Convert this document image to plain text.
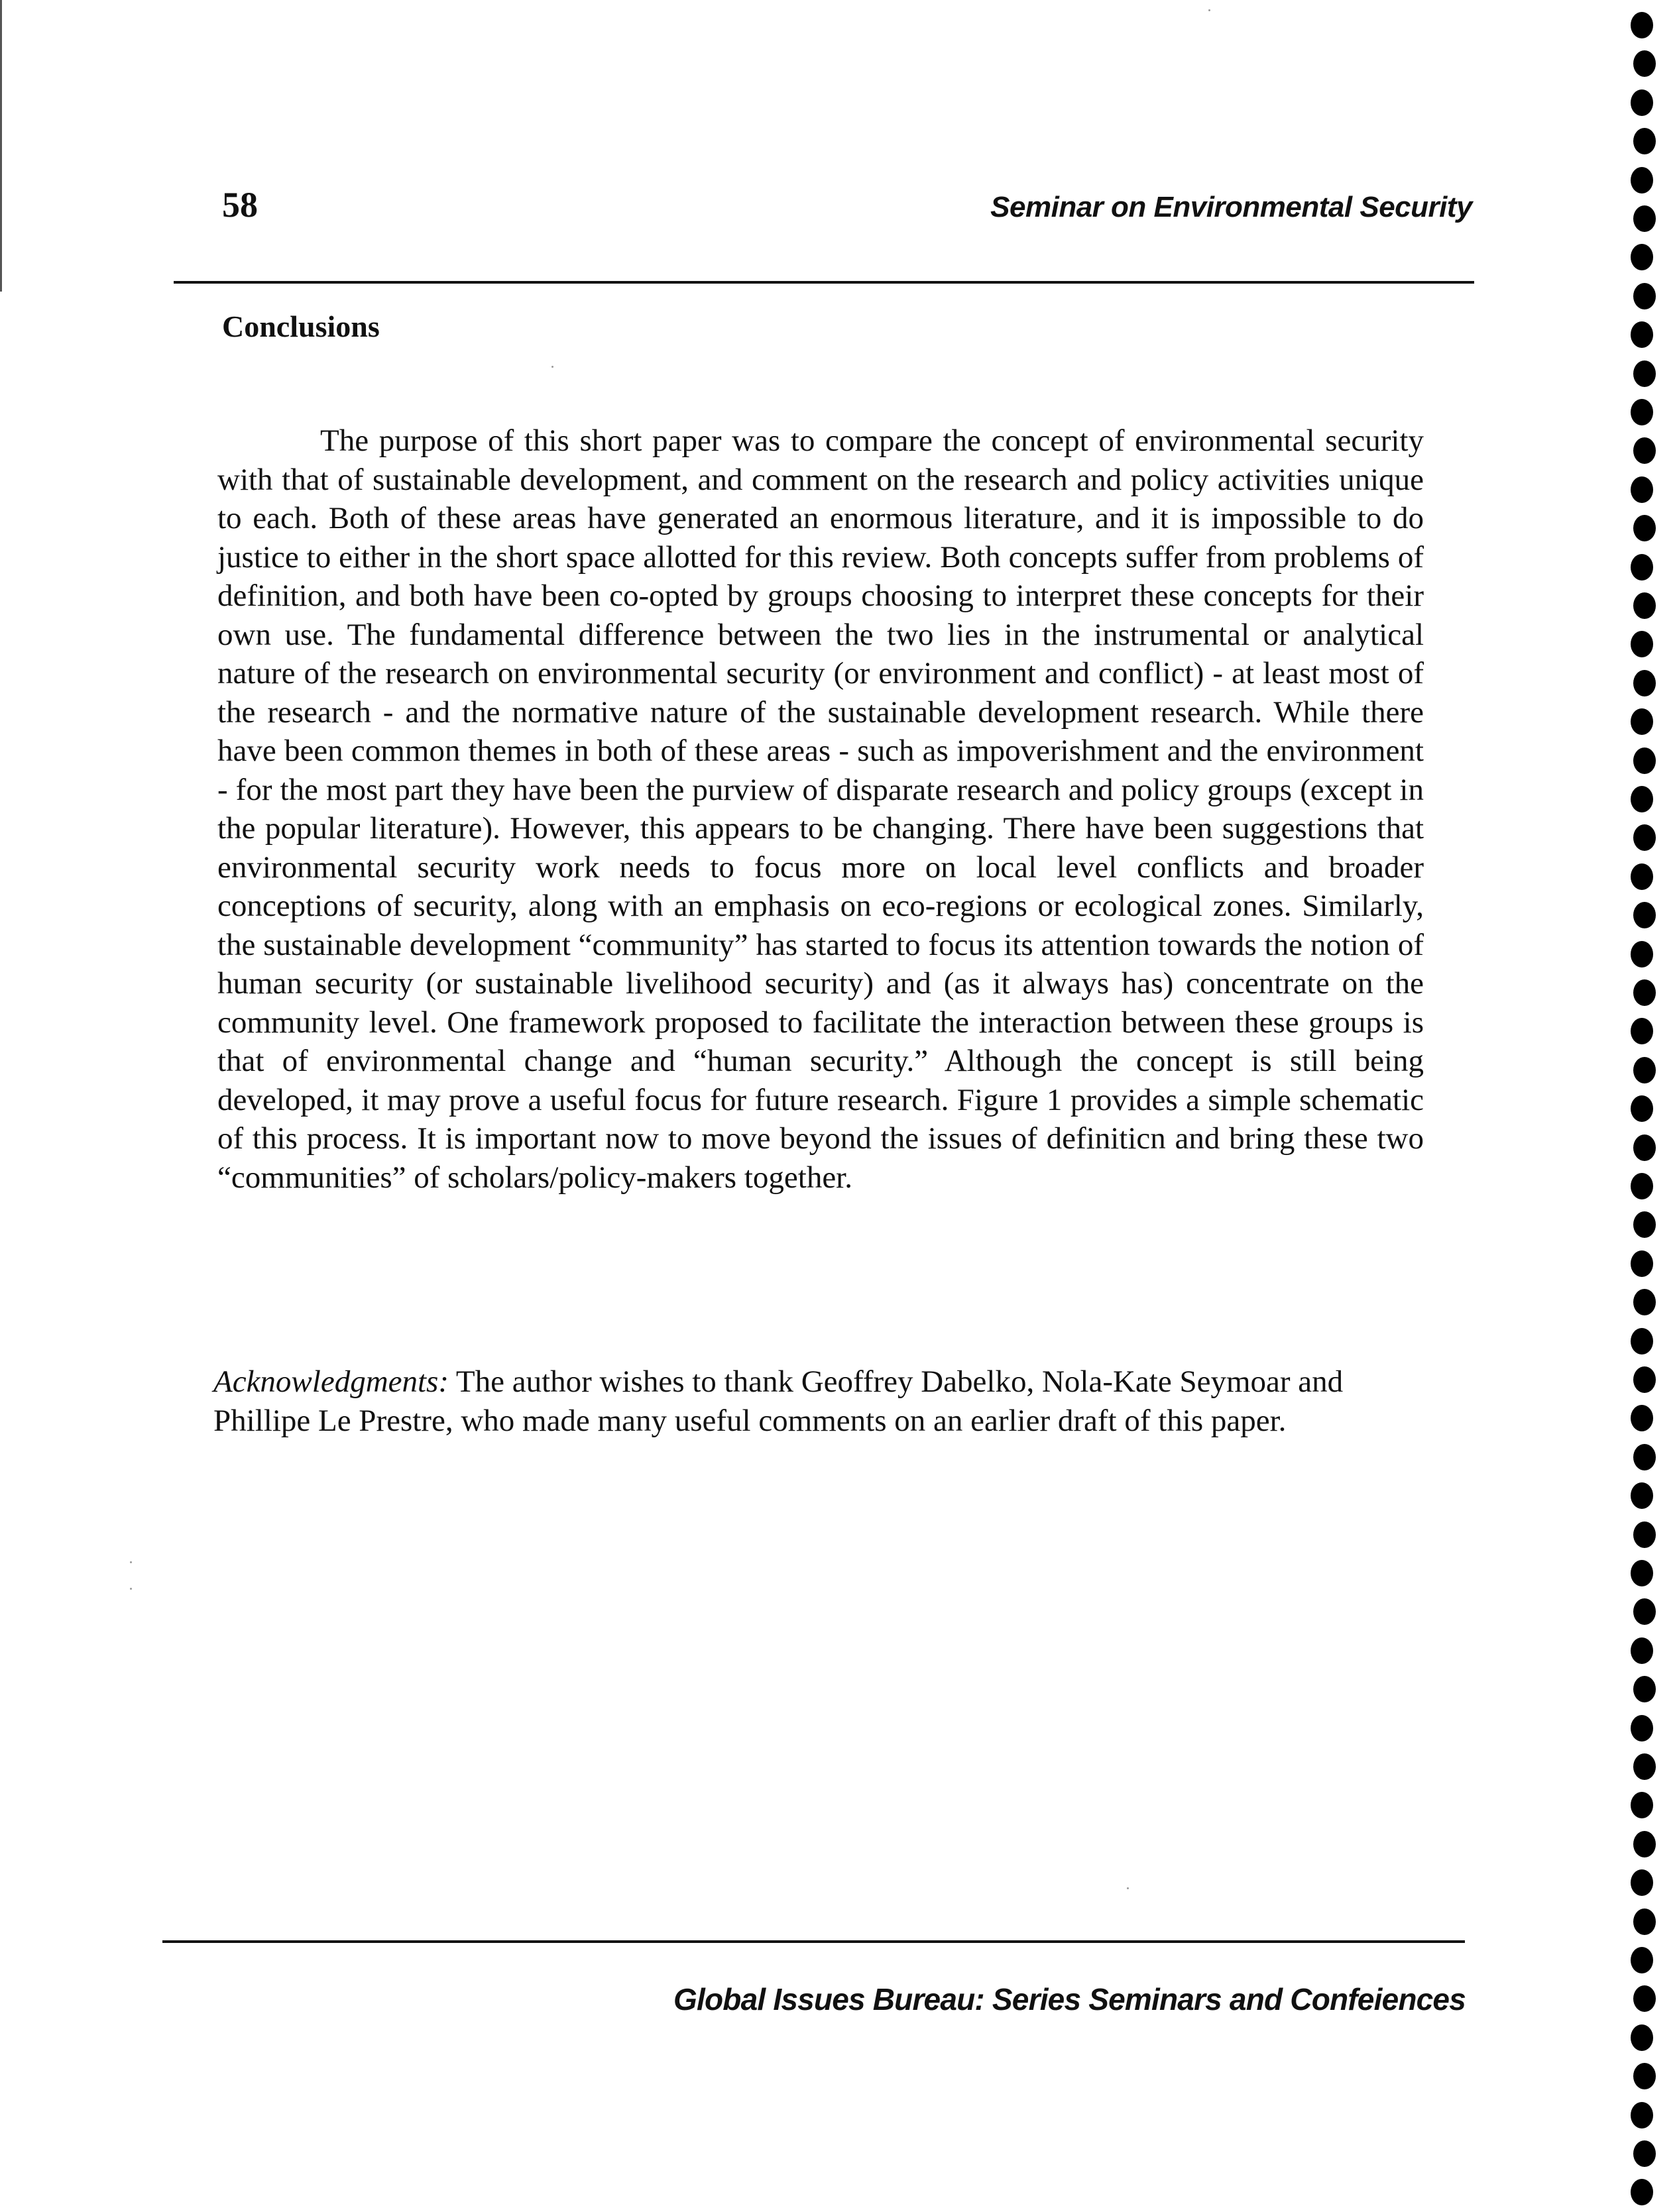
58	Seminar on Environmental Security
Conclusions

The purpose of this short paper was to compare the concept of environmental security with that of sustainable development, and comment on the research and policy activities unique to each. Both of these areas have generated an enormous literature, and it is impossible to do justice to either in the short space allotted for this review. Both concepts suffer from problems of definition, and both have been co-opted by groups choosing to interpret these concepts for their own use. The fundamental difference between the two lies in the instrumental or analytical nature of the research on environmental security (or environment and conflict) - at least most of the research - and the normative nature of the sustainable development research. While there have been common themes in both of these areas - such as impoverishment and the environment - for the most part they have been the purview of disparate research and policy groups (except in the popular literature). However, this appears to be changing. There have been suggestions that environmental security work needs to focus more on local level conflicts and broader conceptions of security, along with an emphasis on eco-regions or ecological zones. Similarly, the sustainable development “community” has started to focus its attention towards the notion of human security (or sustainable livelihood security) and (as it always has) concentrate on the community level. One framework proposed to facilitate the interaction between these groups is that of environmental change and “human security.” Although the concept is still being developed, it may prove a useful focus for future research. Figure 1 provides a simple schematic of this process. It is important now to move beyond the issues of definiticn and bring these two “communities” of scholars/policy-makers together.

Acknowledgments: The author wishes to thank Geoffrey Dabelko, Nola-Kate Seymoar and Phillipe Le Prestre, who made many useful comments on an earlier draft of this paper.

Global Issues Bureau: Series Seminars and Confeiences
